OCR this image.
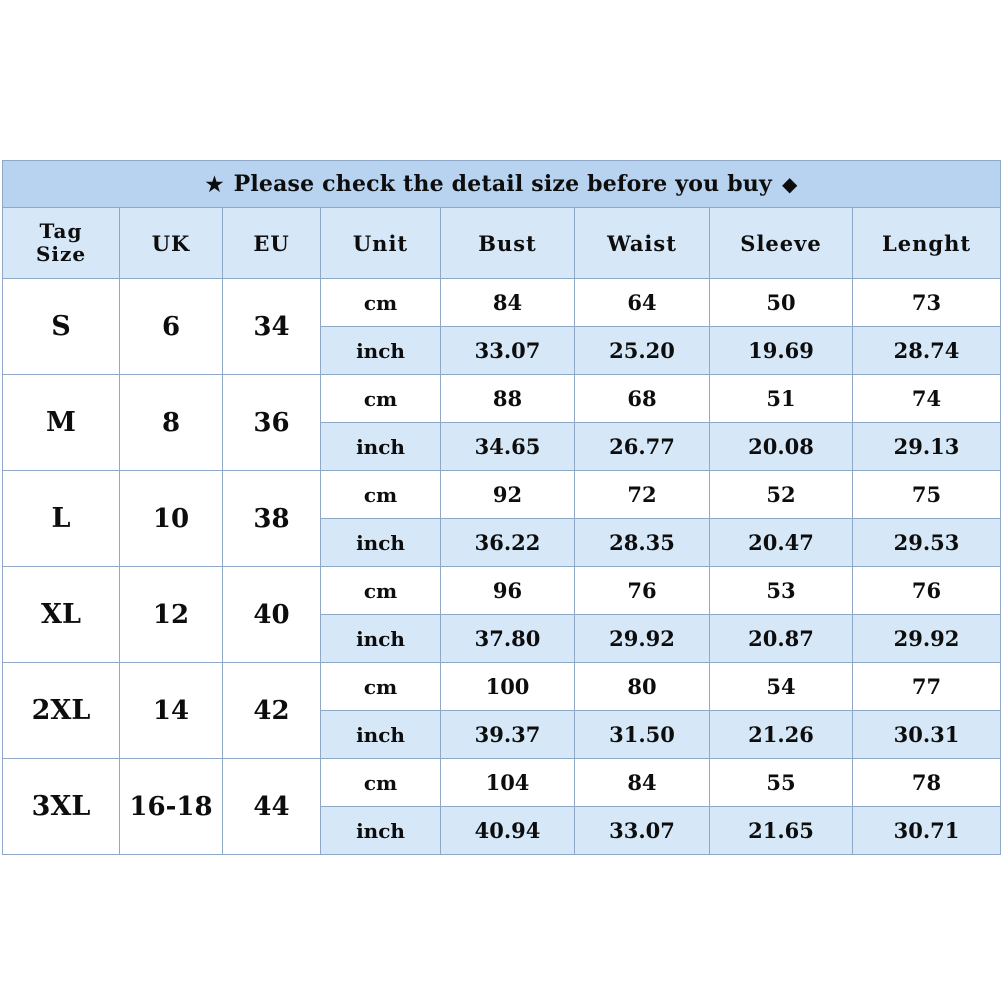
★ Please check the detail size before you buy ◆							

Tag
Size	UK	EU	Unit	Bust	Waist	Sleeve	Lenght
S	6	34	cm	84	64	50	73
			inch	33.07	25.20	19.69	28.74
M	8	36	cm	88	68	51	74
			inch	34.65	26.77	20.08	29.13
L	10	38	cm	92	72	52	75
			inch	36.22	28.35	20.47	29.53
XL	12	40	cm	96	76	53	76
			inch	37.80	29.92	20.87	29.92
2XL	14	42	cm	100	80	54	77
			inch	39.37	31.50	21.26	30.31
3XL	16-18	44	cm	104	84	55	78
			inch	40.94	33.07	21.65	30.71
